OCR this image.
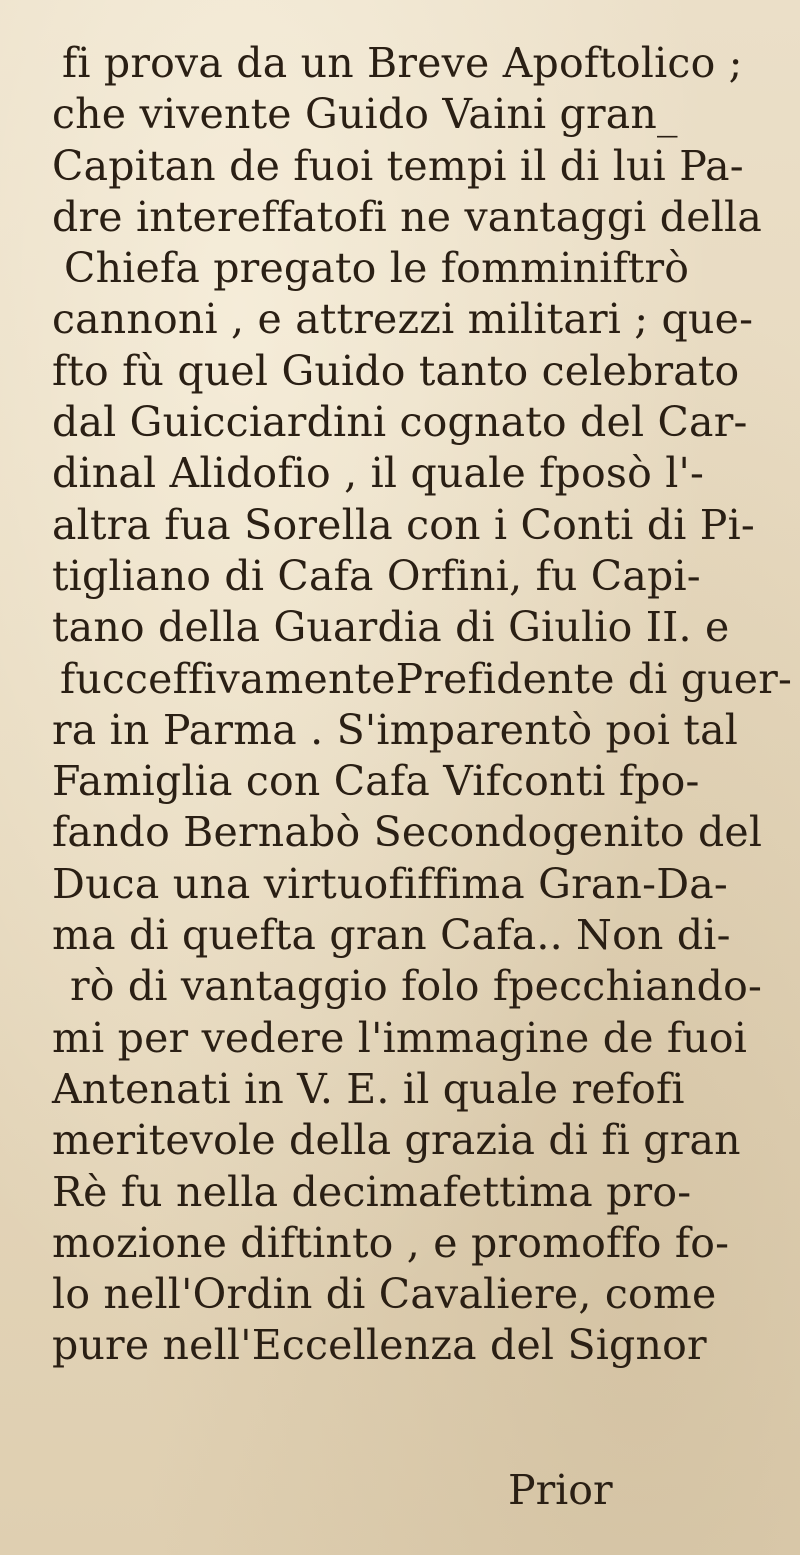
fi prova da un Breve Apoftolico ;
che vivente Guido Vaini gran_
Capitan de fuoi tempi il di lui Pa-
dre intereffatofi ne vantaggi della
Chiefa pregato le fomminiftrò
cannoni , e attrezzi militari ; que-
fto fù quel Guido tanto celebrato
dal Guicciardini cognato del Car-
dinal Alidofio , il quale fposò l'-
altra fua Sorella con i Conti di Pi-
tigliano di Cafa Orfini, fu Capi-
tano della Guardia di Giulio II. e
fucceffivamentePrefidente di guer-
ra in Parma . S'imparentò poi tal
Famiglia con Cafa Vifconti fpo-
fando Bernabò Secondogenito del
Duca una virtuofiffima Gran-Da-
ma di quefta gran Cafa.. Non di-
rò di vantaggio folo fpecchiando-
mi per vedere l'immagine de fuoi
Antenati in V. E. il quale refofi
meritevole della grazia di fi gran
Rè fu nella decimafettima pro-
mozione diftinto , e promoffo fo-
lo nell'Ordin di Cavaliere, come
pure nell'Eccellenza del Signor
Prior
